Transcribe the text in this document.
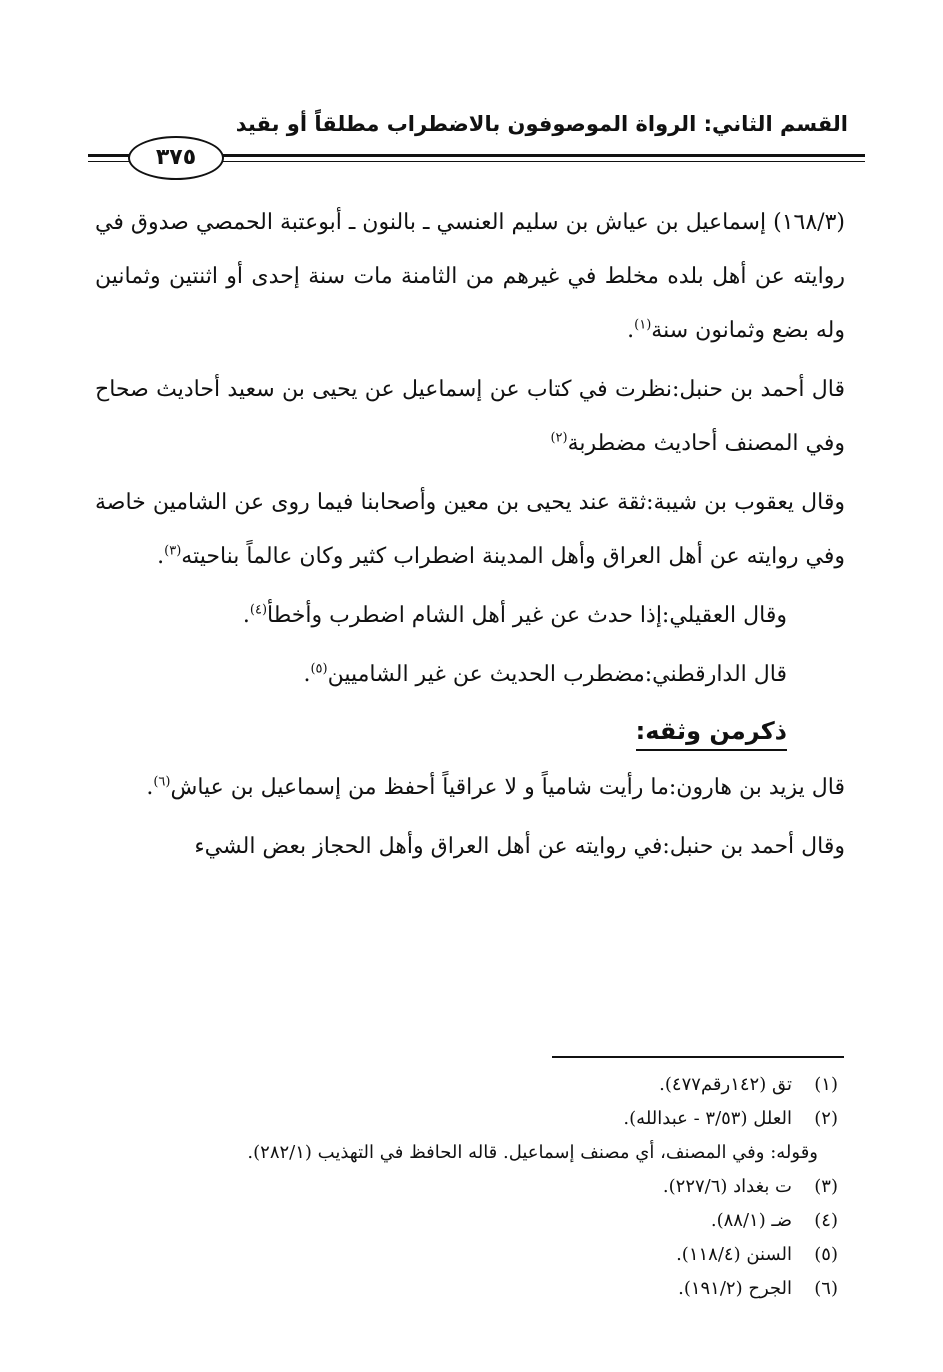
القسم الثاني: الرواة الموصوفون بالاضطراب مطلقاً أو بقيد
٣٧٥

(١٦٨/٣) إسماعيل بن عياش بن سليم العنسي ـ بالنون ـ أبوعتبة الحمصي صدوق في روايته عن أهل بلده مخلط في غيرهم من الثامنة مات سنة إحدى أو اثنتين وثمانين وله بضع وثمانون سنة$^{(١)}$.

قال أحمد بن حنبل:نظرت في كتاب عن إسماعيل عن يحيى بن سعيد أحاديث صحاح وفي المصنف أحاديث مضطربة$^{(٢)}$

وقال يعقوب بن شيبة:ثقة عند يحيى بن معين وأصحابنا فيما روى عن الشامين خاصة وفي روايته عن أهل العراق وأهل المدينة اضطراب كثير وكان عالماً بناحيته$^{(٣)}$.

وقال العقيلي:إذا حدث عن غير أهل الشام اضطرب وأخطأ$^{(٤)}$.

قال الدارقطني:مضطرب الحديث عن غير الشاميين$^{(٥)}$.

ذكرمن وثقه:

قال يزيد بن هارون:ما رأيت شامياً و لا عراقياً أحفظ من إسماعيل بن عياش$^{(٦)}$.

وقال أحمد بن حنبل:في روايته عن أهل العراق وأهل الحجاز بعض الشيء

(١)تق (١٤٢رقم٤٧٧).
(٢)العلل (٣/٥٣ - عبدالله).
وقوله: وفي المصنف، أي مصنف إسماعيل. قاله الحافظ في التهذيب (٢٨٢/١).
(٣)ت بغداد (٢٢٧/٦).
(٤)ضـ (٨٨/١).
(٥)السنن (١١٨/٤).
(٦)الجرح (١٩١/٢).
